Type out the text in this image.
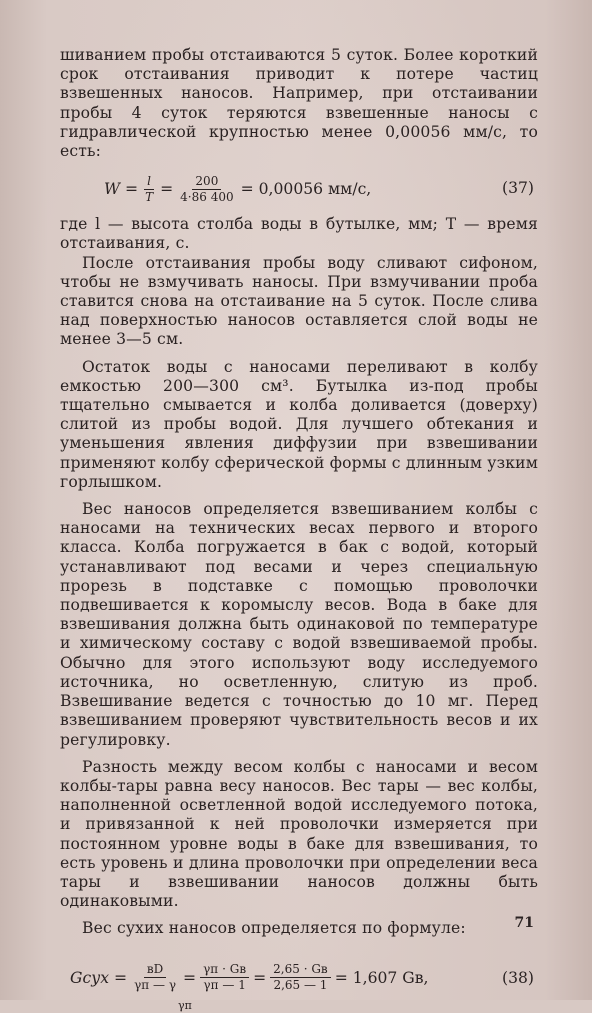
шиванием пробы отстаиваются 5 суток. Более короткий срок отстаивания приводит к потере частиц взвешенных наносов. Например, при отстаивании пробы 4 суток теряются взвешенные наносы с гидравлической крупностью менее 0,00056 мм/с, то есть:

$W = \frac{l}{T} = \frac{200}{4\cdot 86 400} = 0,00056$ мм/с,	(37)

где l — высота столба воды в бутылке, мм; T — время отстаивания, с.

После отстаивания пробы воду сливают сифоном, чтобы не взмучивать наносы. При взмучивании проба ставится снова на отстаивание на 5 суток. После слива над поверхностью наносов оставляется слой воды не менее 3—5 см.

Остаток воды с наносами переливают в колбу емкостью 200—300 см³. Бутылка из-под пробы тщательно смывается и колба доливается (доверху) слитой из пробы водой. Для лучшего обтекания и уменьшения явления диффузии при взвешивании применяют колбу сферической формы с длинным узким горлышком.

Вес наносов определяется взвешиванием колбы с наносами на технических весах первого и второго класса. Колба погружается в бак с водой, который устанавливают под весами и через специальную прорезь в подставке с помощью проволочки подвешивается к коромыслу весов. Вода в баке для взвешивания должна быть одинаковой по температуре и химическому составу с водой взвешиваемой пробы. Обычно для этого используют воду исследуемого источника, но осветленную, слитую из проб. Взвешивание ведется с точностью до 10 мг. Перед взвешиванием проверяют чувствительность весов и их регулировку.

Разность между весом колбы с наносами и весом колбы-тары равна весу наносов. Вес тары — вес колбы, наполненной осветленной водой исследуемого потока, и привязанной к ней проволочки измеряется при постоянном уровне воды в баке для взвешивания, то есть уровень и длина проволочки при определении веса тары и взвешивании наносов должны быть одинаковыми.

Вес сухих наносов определяется по формуле:

Gсух = $\frac{вD}{\gamma п — \gamma} = \frac{\gamma п \cdot Gв}{\gamma п — 1} = \frac{2,65 \cdot Gв}{2,65 — 1} = 1,607$ Gв,
γп
(38)
71
